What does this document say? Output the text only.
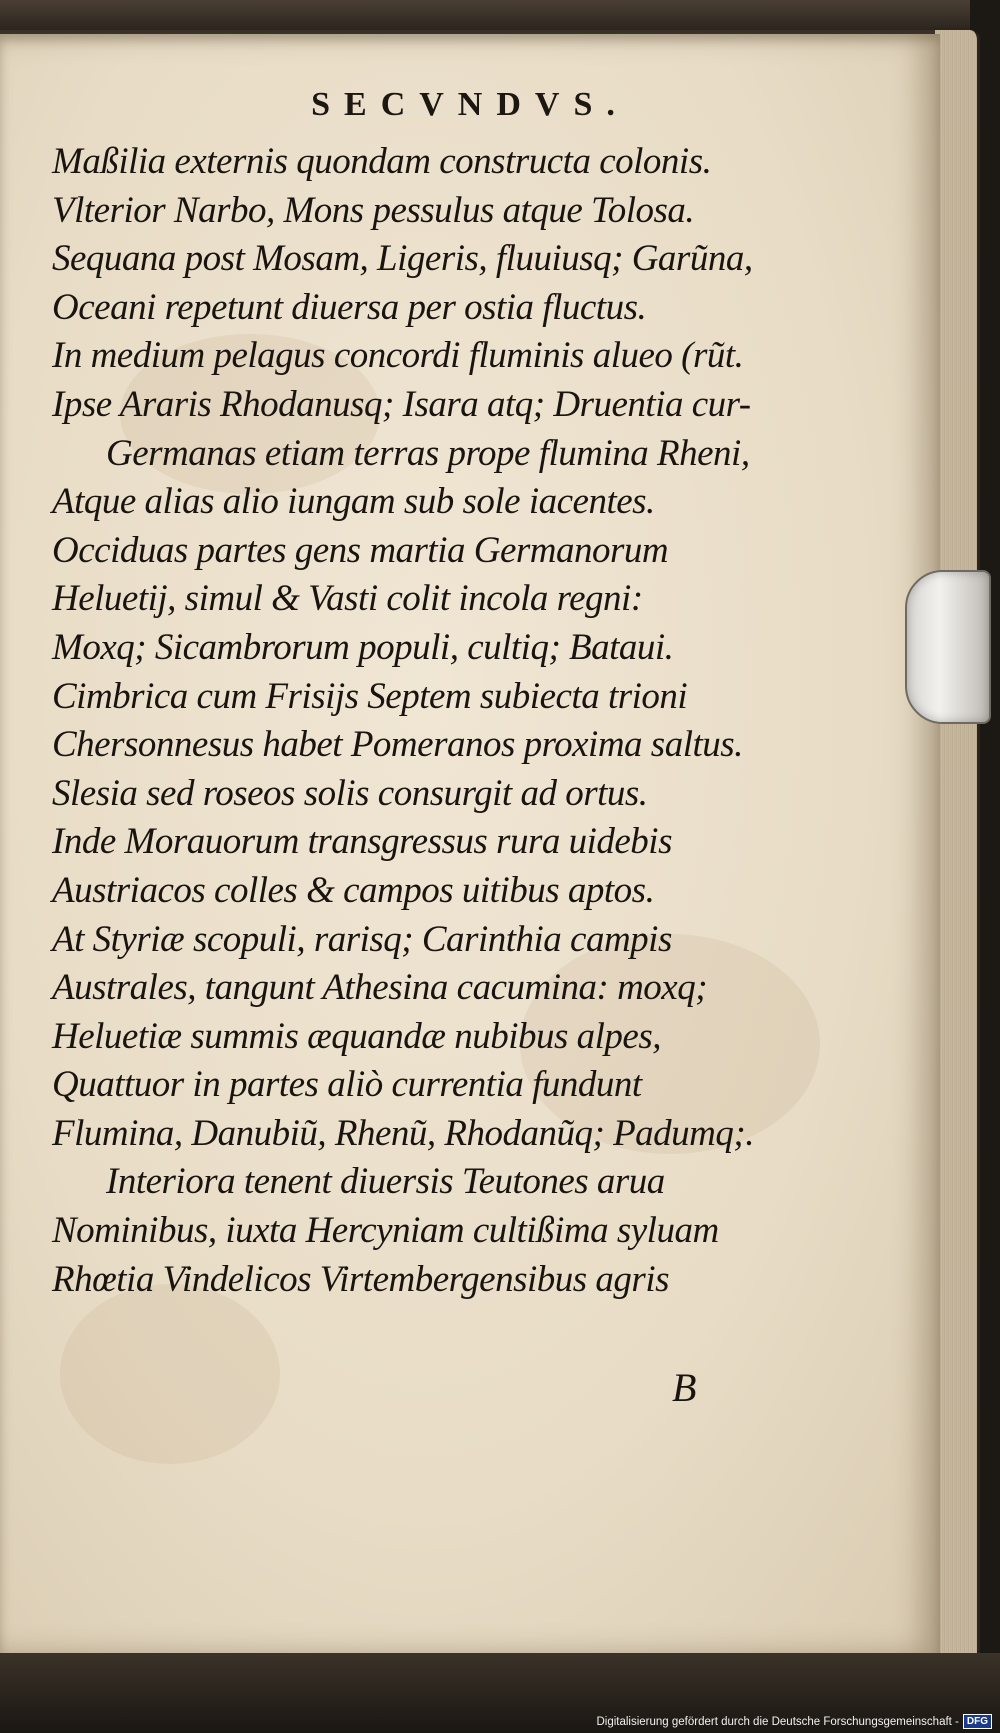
SECVNDVS.
Maßilia externis quondam constructa colonis.
Vlterior Narbo, Mons pessulus atque Tolosa.
Sequana post Mosam, Ligeris, fluuiusq; Garũna,
Oceani repetunt diuersa per ostia fluctus.
In medium pelagus concordi fluminis alueo (rũt.
Ipse Araris Rhodanusq; Isara atq; Druentia cur-
Germanas etiam terras prope flumina Rheni,
Atque alias alio iungam sub sole iacentes.
Occiduas partes gens martia Germanorum
Heluetij, simul & Vasti colit incola regni:
Moxq; Sicambrorum populi, cultiq; Bataui.
Cimbrica cum Frisijs Septem subiecta trioni
Chersonnesus habet Pomeranos proxima saltus.
Slesia sed roseos solis consurgit ad ortus.
Inde Morauorum transgressus rura uidebis
Austriacos colles & campos uitibus aptos.
At Styriæ scopuli, rarisq; Carinthia campis
Australes, tangunt Athesina cacumina: moxq;
Heluetiæ summis æquandæ nubibus alpes,
Quattuor in partes aliò currentia fundunt
Flumina, Danubiũ, Rhenũ, Rhodanũq; Padumq;.
Interiora tenent diuersis Teutones arua
Nominibus, iuxta Hercyniam cultißima syluam
Rhœtia Vindelicos Virtembergensibus agris
B
Digitalisierung gefördert durch die Deutsche Forschungsgemeinschaft - DFG
